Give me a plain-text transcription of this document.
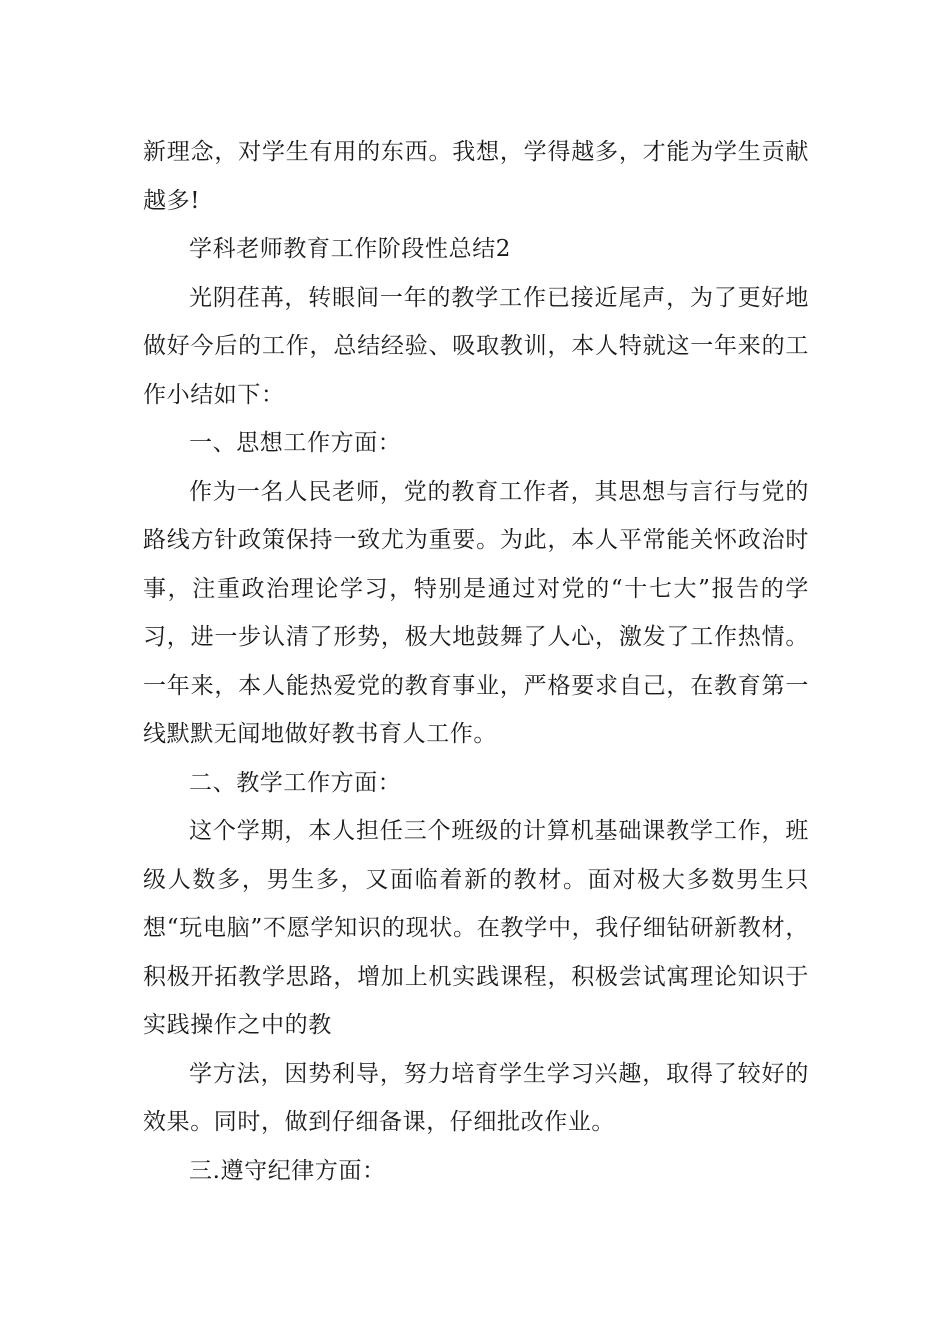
新理念，对学生有用的东西。我想，学得越多，才能为学生贡献越多!

学科老师教育工作阶段性总结2

光阴荏苒，转眼间一年的教学工作已接近尾声，为了更好地做好今后的工作，总结经验、吸取教训，本人特就这一年来的工作小结如下：

一、思想工作方面：

作为一名人民老师，党的教育工作者，其思想与言行与党的路线方针政策保持一致尤为重要。为此，本人平常能关怀政治时事，注重政治理论学习，特别是通过对党的“十七大”报告的学习，进一步认清了形势，极大地鼓舞了人心，激发了工作热情。一年来，本人能热爱党的教育事业，严格要求自己，在教育第一线默默无闻地做好教书育人工作。

二、教学工作方面：

这个学期，本人担任三个班级的计算机基础课教学工作，班级人数多，男生多，又面临着新的教材。面对极大多数男生只想“玩电脑”不愿学知识的现状。在教学中，我仔细钻研新教材，积极开拓教学思路，增加上机实践课程，积极尝试寓理论知识于实践操作之中的教

学方法，因势利导，努力培育学生学习兴趣，取得了较好的效果。同时，做到仔细备课，仔细批改作业。

三.遵守纪律方面：
